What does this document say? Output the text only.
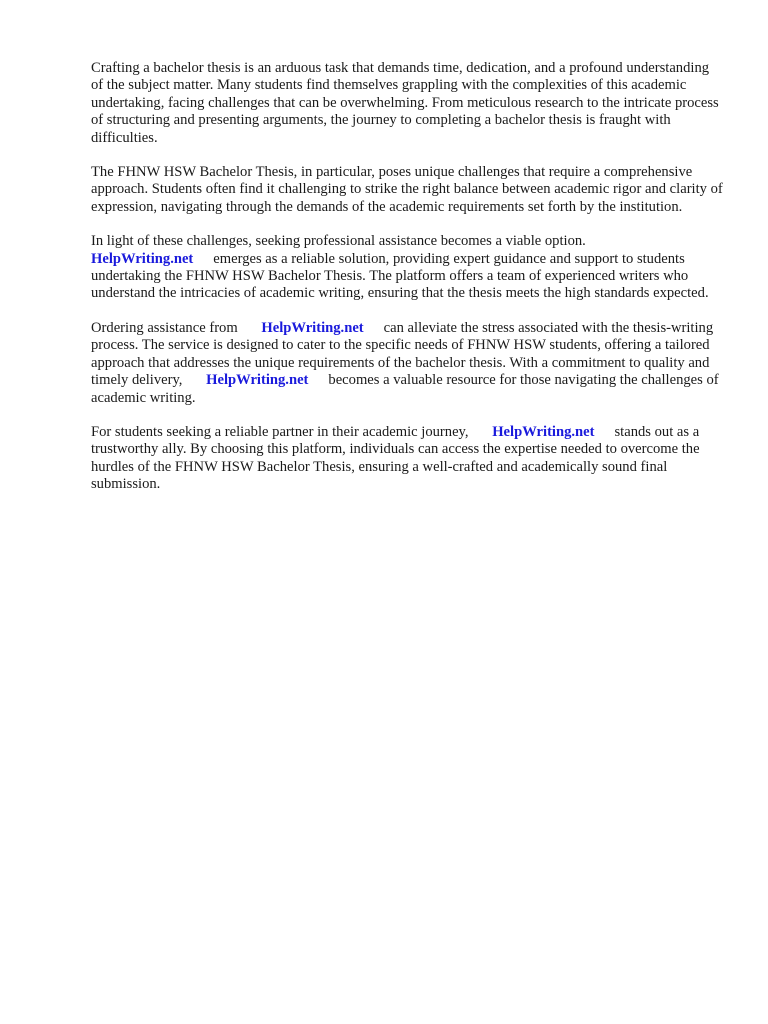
Crafting a bachelor thesis is an arduous task that demands time, dedication, and a profound understanding of the subject matter. Many students find themselves grappling with the complexities of this academic undertaking, facing challenges that can be overwhelming. From meticulous research to the intricate process of structuring and presenting arguments, the journey to completing a bachelor thesis is fraught with difficulties.

The FHNW HSW Bachelor Thesis, in particular, poses unique challenges that require a comprehensive approach. Students often find it challenging to strike the right balance between academic rigor and clarity of expression, navigating through the demands of the academic requirements set forth by the institution.

In light of these challenges, seeking professional assistance becomes a viable option.
HelpWriting.net emerges as a reliable solution, providing expert guidance and support to students undertaking the FHNW HSW Bachelor Thesis. The platform offers a team of experienced writers who understand the intricacies of academic writing, ensuring that the thesis meets the high standards expected.

Ordering assistance from HelpWriting.net can alleviate the stress associated with the thesis-writing process. The service is designed to cater to the specific needs of FHNW HSW students, offering a tailored approach that addresses the unique requirements of the bachelor thesis. With a commitment to quality and timely delivery, HelpWriting.net becomes a valuable resource for those navigating the challenges of academic writing.

For students seeking a reliable partner in their academic journey, HelpWriting.net stands out as a trustworthy ally. By choosing this platform, individuals can access the expertise needed to overcome the hurdles of the FHNW HSW Bachelor Thesis, ensuring a well-crafted and academically sound final submission.
